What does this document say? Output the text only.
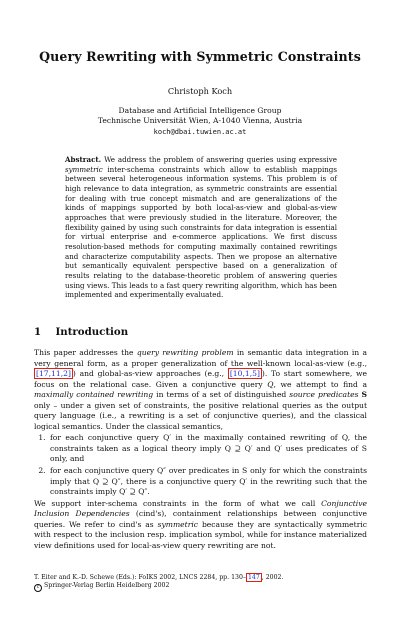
Query Rewriting with Symmetric Constraints
Christoph Koch
Database and Artificial Intelligence Group
Technische Universität Wien, A-1040 Vienna, Austria
koch@dbai.tuwien.ac.at
Abstract. We address the problem of answering queries using expressive symmetric inter-schema constraints which allow to establish mappings between several heterogeneous information systems. This problem is of high relevance to data integration, as symmetric constraints are essential for dealing with true concept mismatch and are generalizations of the kinds of mappings supported by both local-as-view and global-as-view approaches that were previously studied in the literature. Moreover, the flexibility gained by using such constraints for data integration is essential for virtual enterprise and e-commerce applications. We first discuss resolution-based methods for computing maximally contained rewritings and characterize computability aspects. Then we propose an alternative but semantically equivalent perspective based on a generalization of results relating to the database-theoretic problem of answering queries using views. This leads to a fast query rewriting algorithm, which has been implemented and experimentally evaluated.
1 Introduction

This paper addresses the query rewriting problem in semantic data integration in a very general form, as a proper generalization of the well-known local-as-view (e.g., [17,11,2] ) and global-as-view approaches (e.g., [10,1,5] ). To start somewhere, we focus on the relational case. Given a conjunctive query Q, we attempt to find a maximally contained rewriting in terms of a set of distinguished source predicates S only – under a given set of constraints, the positive relational queries as the output query language (i.e., a rewriting is a set of conjunctive queries), and the classical logical semantics. Under the classical semantics,

1. for each conjunctive query Q′ in the maximally contained rewriting of Q, the constraints taken as a logical theory imply Q ⊇ Q′ and Q′ uses predicates of S only, and
2. for each conjunctive query Q″ over predicates in S only for which the constraints imply that Q ⊇ Q″, there is a conjunctive query Q′ in the rewriting such that the constraints imply Q′ ⊇ Q″.

We support inter-schema constraints in the form of what we call Conjunctive Inclusion Dependencies (cind's), containment relationships between conjunctive queries. We refer to cind's as symmetric because they are syntactically symmetric with respect to the inclusion resp. implication symbol, while for instance materialized view definitions used for local-as-view query rewriting are not.

T. Eiter and K.-D. Schewe (Eds.): FoIKS 2002, LNCS 2284, pp. 130– 147 , 2002.
c Springer-Verlag Berlin Heidelberg 2002
